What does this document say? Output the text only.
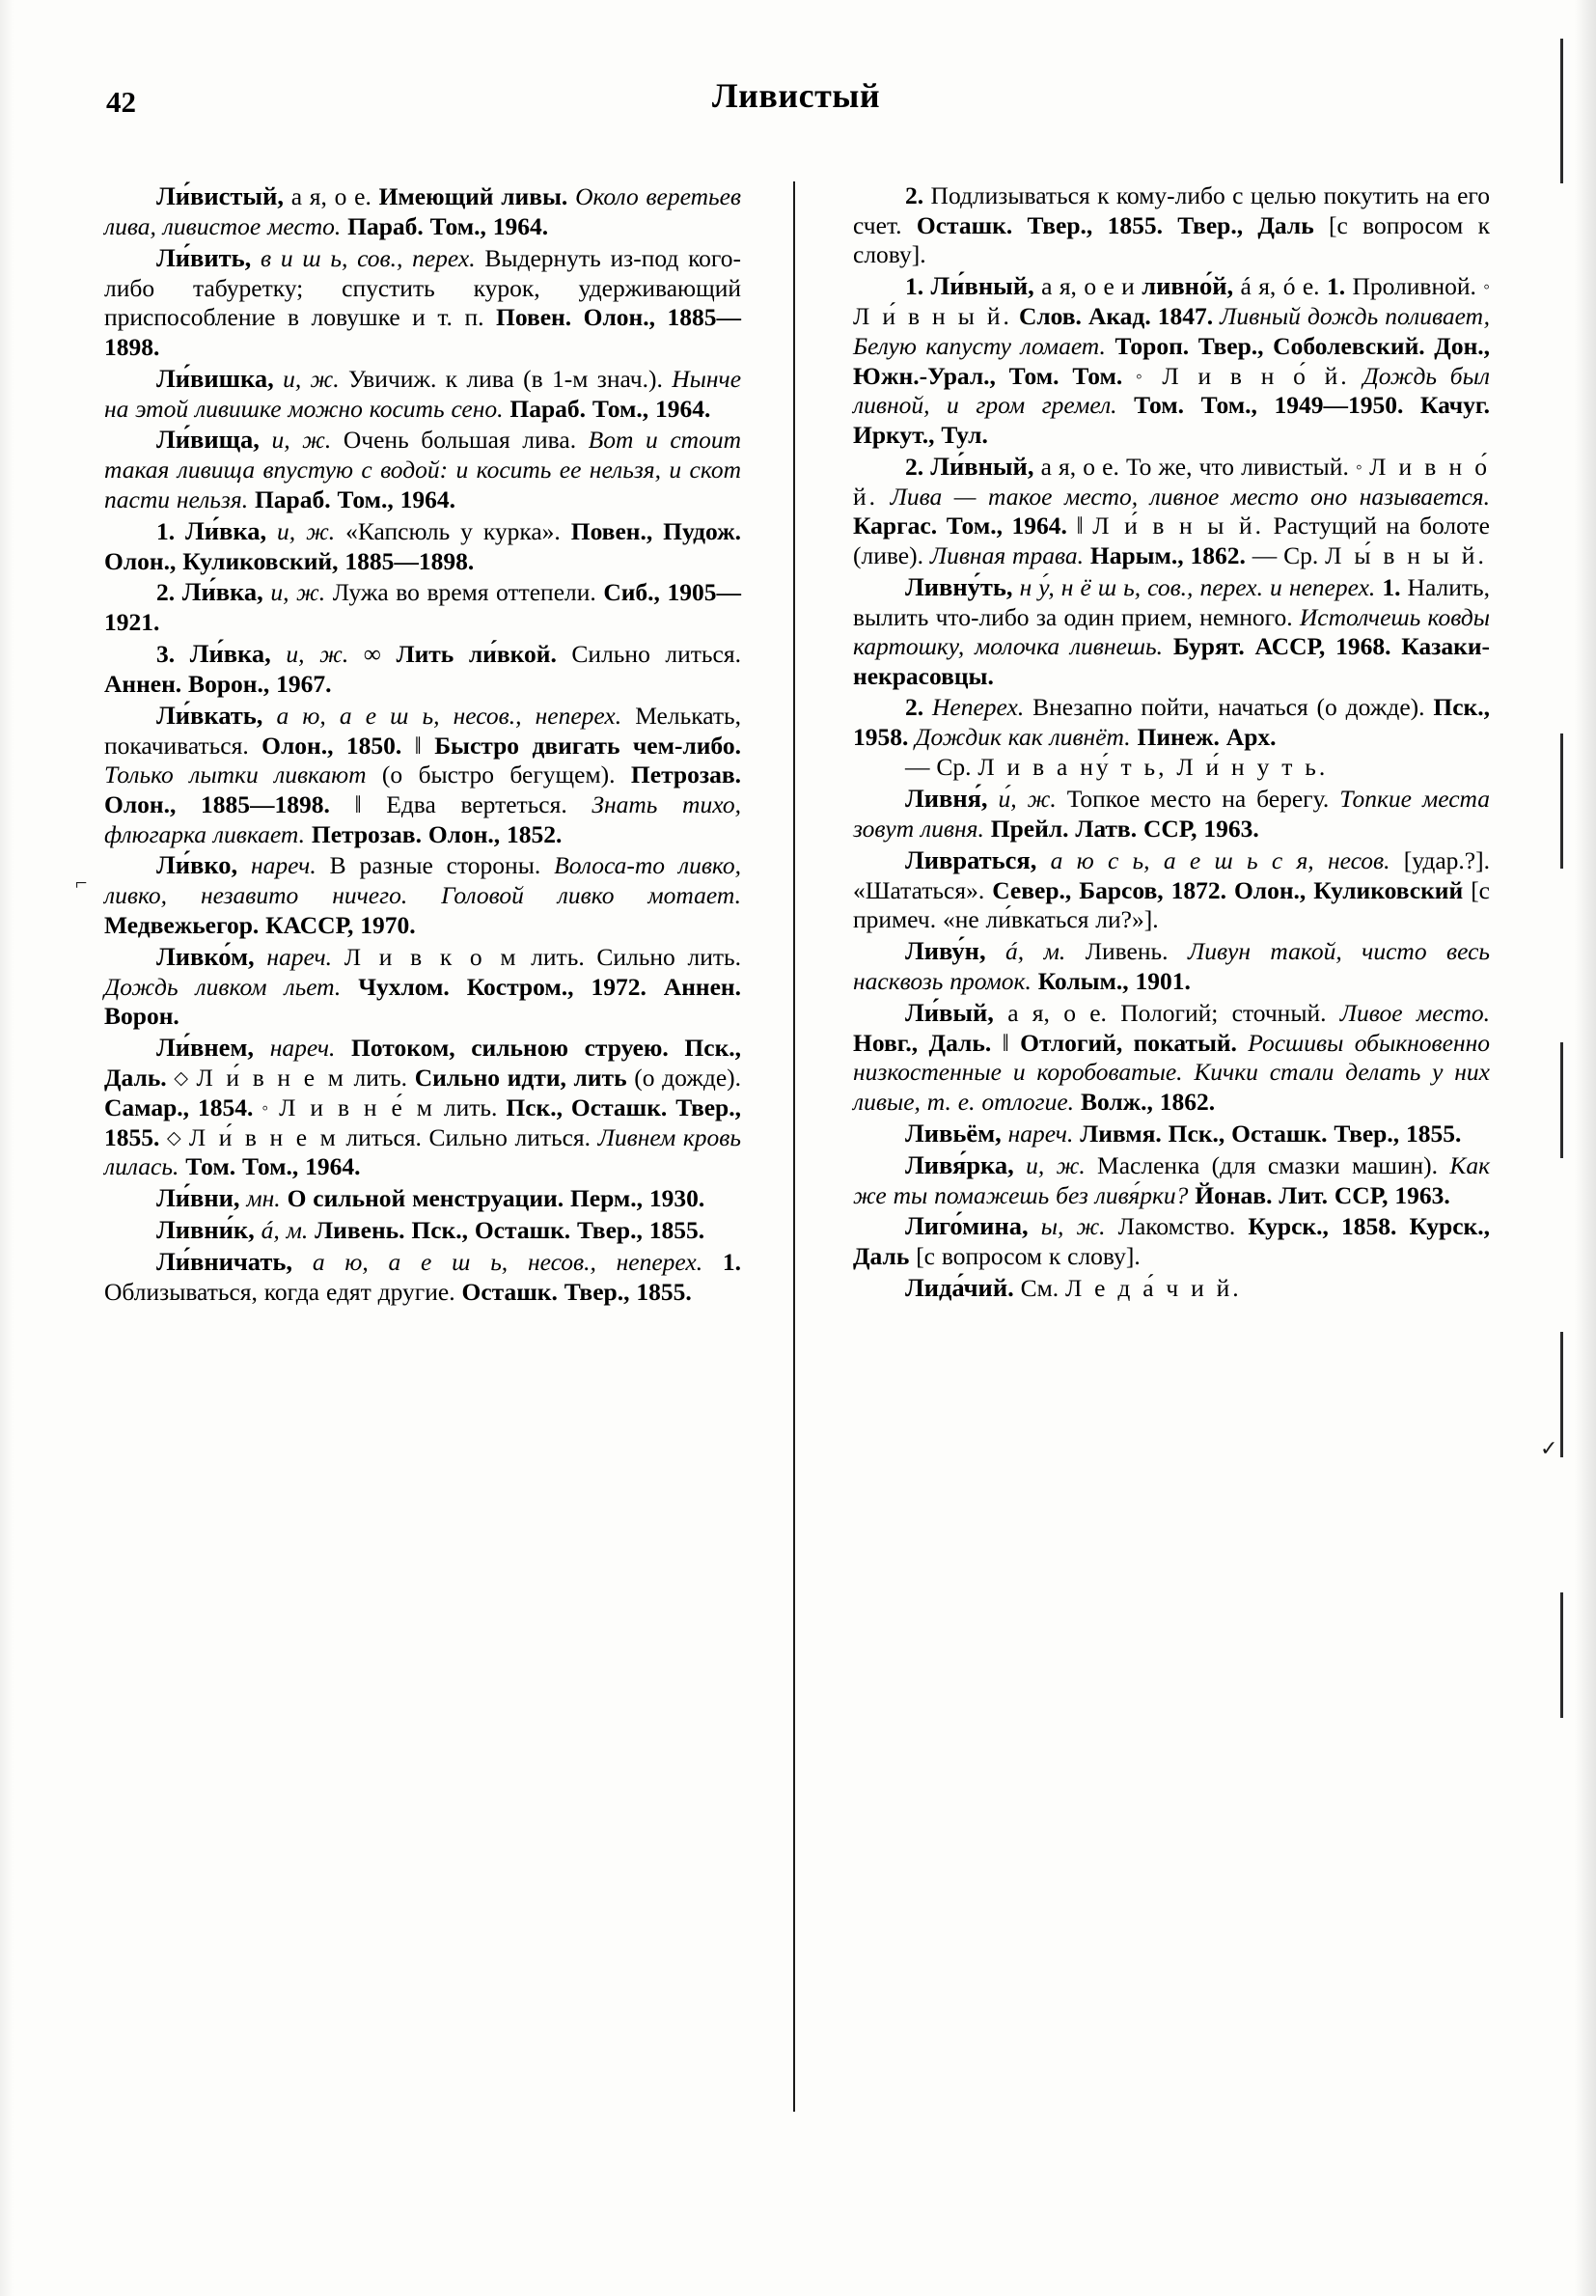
42	Ливистый

Ли́вистый, а я, о е. Имеющий ливы. Около веретьев лива, ливистое место. Параб. Том., 1964.

Ли́вить, в и ш ь, сов., перех. Выдернуть из-под кого-либо табуретку; спустить курок, удерживающий приспособление в ловушке и т. п. Повен. Олон., 1885—1898.

Ли́вишка, и, ж. Увичиж. к лива (в 1-м знач.). Нынче на этой ливишке можно косить сено. Параб. Том., 1964.

Ли́вища, и, ж. Очень большая лива. Вот и стоит такая ливища впустую с водой: и косить ее нельзя, и скот пасти нельзя. Параб. Том., 1964.

1. Ли́вка, и, ж. «Капсюль у курка». Повен., Пудож. Олон., Куликовский, 1885—1898.

2. Ли́вка, и, ж. Лужа во время оттепели. Сиб., 1905—1921.

3. Ли́вка, и, ж. ∞ Лить ли́вкой. Сильно литься. Аннен. Ворон., 1967.

Ли́вкать, а ю, а е ш ь, несов., неперех. Мелькать, покачиваться. Олон., 1850. ‖ Быстро двигать чем-либо. Только лытки ливкают (о быстро бегущем). Петрозав. Олон., 1885—1898. ‖ Едва вертеться. Знать тихо, флюгарка ливкает. Петрозав. Олон., 1852.

Ли́вко, нареч. В разные стороны. Волоса-то ливко, ливко, незавито ничего. Головой ливко мотает. Медвежьегор. КАССР, 1970.

Ливко́м, нареч. Л и в к о м лить. Сильно лить. Дождь ливком льет. Чухлом. Костром., 1972. Аннен. Ворон.

Ли́внем, нареч. Потоком, сильною струею. Пск., Даль. ◇ Л и́ в н е м лить. Сильно идти, лить (о дожде). Самар., 1854. ◦ Л и в н е́ м лить. Пск., Осташк. Твер., 1855. ◇ Л и́ в н е м литься. Сильно литься. Ливнем кровь лилась. Том. Том., 1964.

Ли́вни, мн. О сильной менструации. Перм., 1930.

Ливни́к, á, м. Ливень. Пск., Осташк. Твер., 1855.

Ли́вничать, а ю, а е ш ь, несов., неперех. 1. Облизываться, когда едят другие. Осташк. Твер., 1855.

2. Подлизываться к кому-либо с целью покутить на его счет. Осташк. Твер., 1855. Твер., Даль [с вопросом к слову].

1. Ли́вный, а я, о е и ливно́й, á я, ó е. 1. Проливной. ◦ Л и́ в н ы й. Слов. Акад. 1847. Ливный дождь поливает, Белую капусту ломает. Тороп. Твер., Соболевский. Дон., Южн.-Урал., Том. Том. ◦ Л и в н о́ й. Дождь был ливной, и гром гремел. Том. Том., 1949—1950. Качуг. Иркут., Тул.

2. Ли́вный, а я, о е. То же, что ливистый. ◦ Л и в н о́ й. Лива — такое место, ливное место оно называется. Каргас. Том., 1964. ‖ Л и́ в н ы й. Растущий на болоте (ливе). Ливная трава. Нарым., 1862. — Ср. Л ы́ в н ы й.

Ливну́ть, н у́, н ё ш ь, сов., перех. и неперех. 1. Налить, вылить что-либо за один прием, немного. Истолчешь ковды картошку, молочка ливнешь. Бурят. АССР, 1968. Казаки-некрасовцы.

2. Неперех. Внезапно пойти, начаться (о дожде). Пск., 1958. Дождик как ливнёт. Пинеж. Арх.

— Ср. Л и в а ну́ т ь, Л и́ н у т ь.

Ливня́, и́, ж. Топкое место на берегу. Топкие места зовут ливня. Прейл. Латв. ССР, 1963.

Ливраться, а ю с ь, а е ш ь с я, несов. [удар.?]. «Шататься». Север., Барсов, 1872. Олон., Куликовский [с примеч. «не ли́вкаться ли?»].

Ливу́н, á, м. Ливень. Ливун такой, чисто весь насквозь промок. Колым., 1901.

Ли́вый, а я, о е. Пологий; сточный. Ливое место. Новг., Даль. ‖ Отлогий, покатый. Росшивы обыкновенно низкостенные и коробоватые. Кички стали делать у них ливые, т. е. отлогие. Волж., 1862.

Ливьём, нареч. Ливмя. Пск., Осташк. Твер., 1855.

Ливя́рка, и, ж. Масленка (для смазки машин). Как же ты помажешь без ливя́рки? Йонав. Лит. ССР, 1963.

Лиго́мина, ы, ж. Лакомство. Курск., 1858. Курск., Даль [с вопросом к слову].

Лида́чий. См. Л е д а́ ч и й.

⌐
✓
